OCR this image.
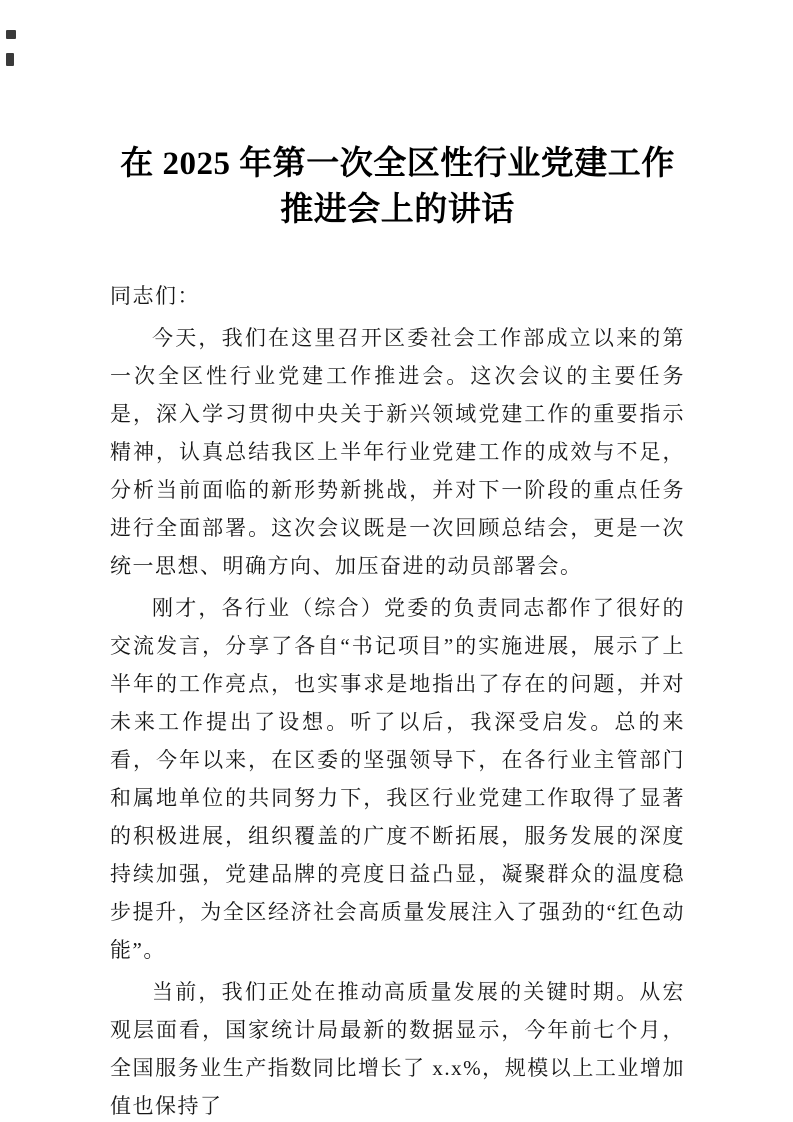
在 2025 年第一次全区性行业党建工作推进会上的讲话

同志们：

今天，我们在这里召开区委社会工作部成立以来的第一次全区性行业党建工作推进会。这次会议的主要任务是，深入学习贯彻中央关于新兴领域党建工作的重要指示精神，认真总结我区上半年行业党建工作的成效与不足，分析当前面临的新形势新挑战，并对下一阶段的重点任务进行全面部署。这次会议既是一次回顾总结会，更是一次统一思想、明确方向、加压奋进的动员部署会。

刚才，各行业（综合）党委的负责同志都作了很好的交流发言，分享了各自“书记项目”的实施进展，展示了上半年的工作亮点，也实事求是地指出了存在的问题，并对未来工作提出了设想。听了以后，我深受启发。总的来看，今年以来，在区委的坚强领导下，在各行业主管部门和属地单位的共同努力下，我区行业党建工作取得了显著的积极进展，组织覆盖的广度不断拓展，服务发展的深度持续加强，党建品牌的亮度日益凸显，凝聚群众的温度稳步提升，为全区经济社会高质量发展注入了强劲的“红色动能”。

当前，我们正处在推动高质量发展的关键时期。从宏观层面看，国家统计局最新的数据显示，今年前七个月，全国服务业生产指数同比增长了 x.x%，规模以上工业增加值也保持了
